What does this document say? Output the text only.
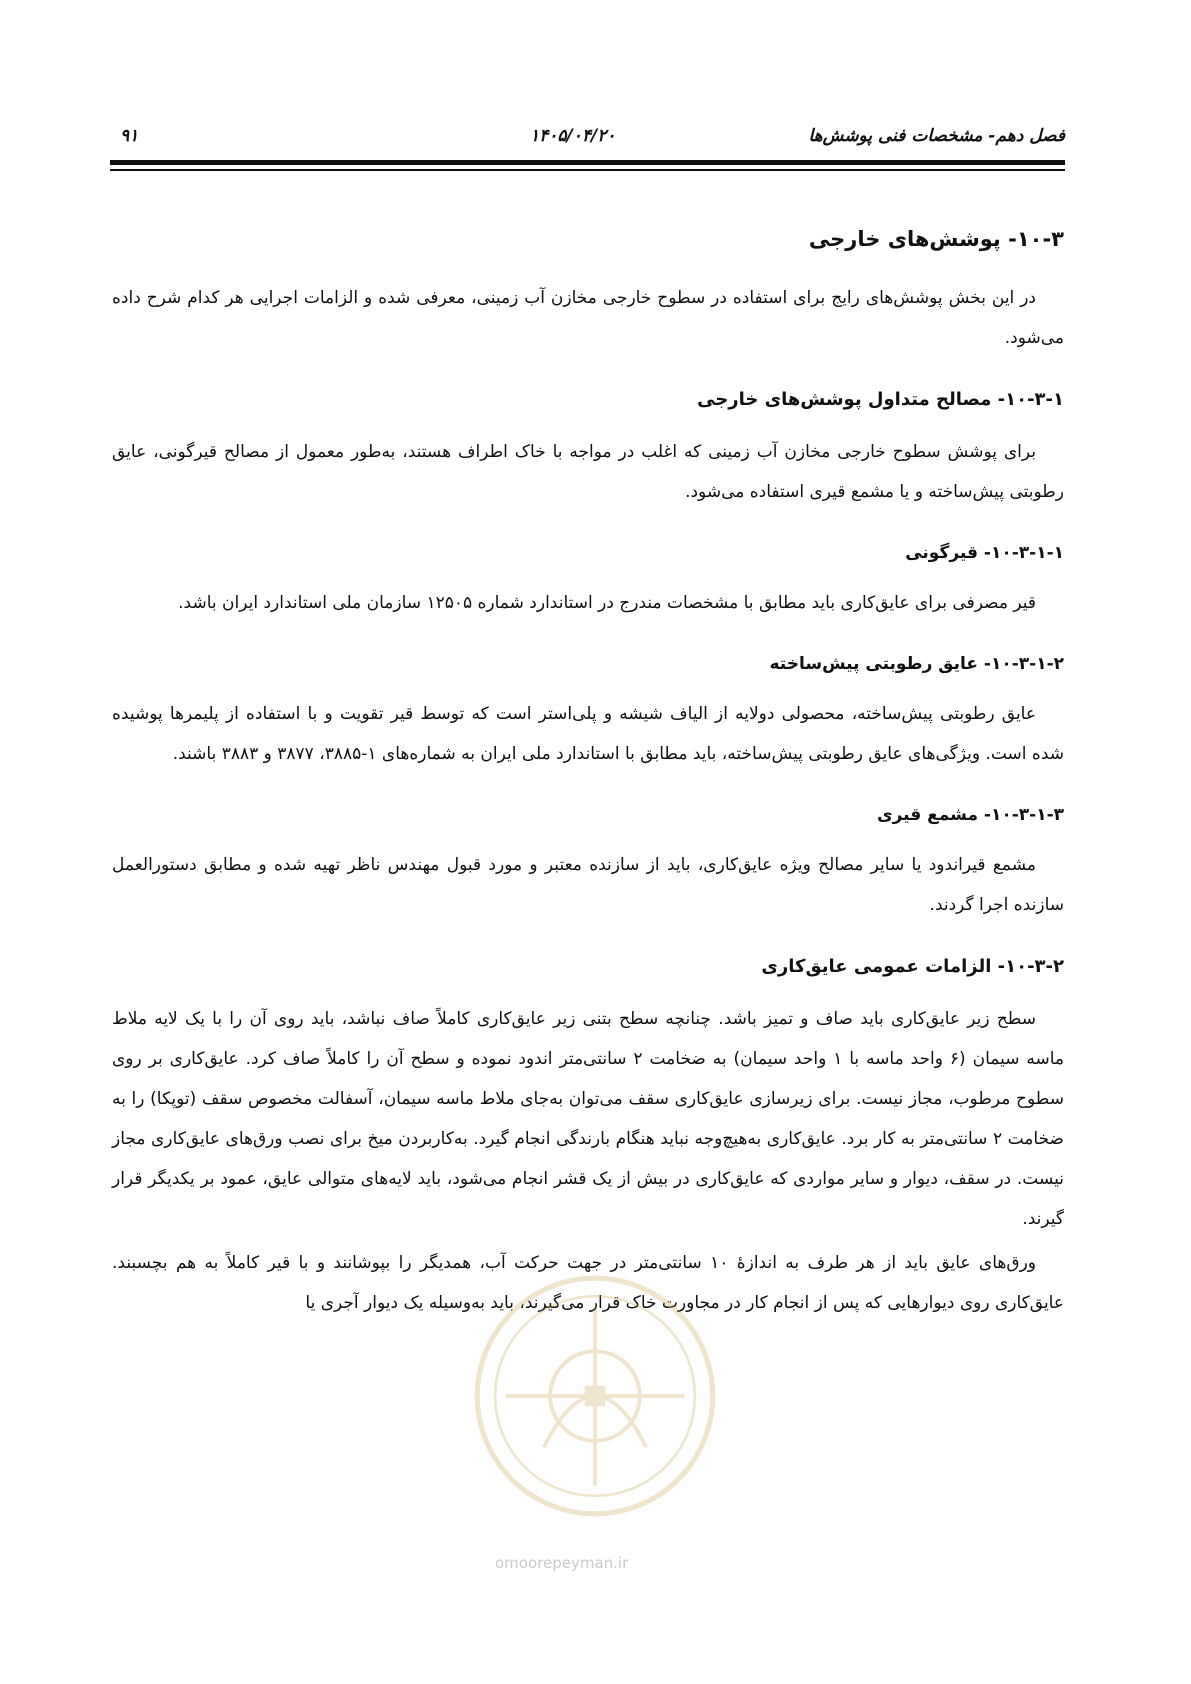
فصل دهم- مشخصات فنی پوشش‌ها
۱۴۰۵/۰۴/۲۰
۹۱
۱۰-۳- پوشش‌های خارجی
در این بخش پوشش‌های رایج برای استفاده در سطوح خارجی مخازن آب زمینی، معرفی شده و الزامات اجرایی هر کدام شرح داده می‌شود.
۱۰-۳-۱- مصالح متداول پوشش‌های خارجی
برای پوشش سطوح خارجی مخازن آب زمینی که اغلب در مواجه با خاک اطراف هستند، به‌طور معمول از مصالح قیرگونی، عایق رطوبتی پیش‌ساخته و یا مشمع قیری استفاده می‌شود.
۱۰-۳-۱-۱- قیرگونی
قیر مصرفی برای عایق‌کاری باید مطابق با مشخصات مندرج در استاندارد شماره ۱۲۵۰۵ سازمان ملی استاندارد ایران باشد.
۱۰-۳-۱-۲- عایق رطوبتی پیش‌ساخته
عایق رطوبتی پیش‌ساخته، محصولی دولایه از الیاف شیشه و پلی‌استر است که توسط قیر تقویت و با استفاده از پلیمرها پوشیده شده است. ویژگی‌های عایق رطوبتی پیش‌ساخته، باید مطابق با استاندارد ملی ایران به شماره‌های ۱-۳۸۸۵، ۳۸۷۷ و ۳۸۸۳ باشند.
۱۰-۳-۱-۳- مشمع قیری
مشمع قیراندود یا سایر مصالح ویژه عایق‌کاری، باید از سازنده معتبر و مورد قبول مهندس ناظر تهیه شده و مطابق دستورالعمل سازنده اجرا گردند.
۱۰-۳-۲- الزامات عمومی عایق‌کاری
سطح زیر عایق‌کاری باید صاف و تمیز باشد. چنانچه سطح بتنی زیر عایق‌کاری کاملاً صاف نباشد، باید روی آن را با یک لایه ملاط ماسه سیمان (۶ واحد ماسه با ۱ واحد سیمان) به ضخامت ۲ سانتی‌متر اندود نموده و سطح آن را کاملاً صاف کرد. عایق‌کاری بر روی سطوح مرطوب، مجاز نیست. برای زیرسازی عایق‌کاری سقف می‌توان به‌جای ملاط ماسه سیمان، آسفالت مخصوص سقف (توپکا) را به ضخامت ۲ سانتی‌متر به کار برد. عایق‌کاری به‌هیچ‌وجه نباید هنگام بارندگی انجام گیرد. به‌کاربردن میخ برای نصب ورق‌های عایق‌کاری مجاز نیست. در سقف، دیوار و سایر مواردی که عایق‌کاری در بیش از یک قشر انجام می‌شود، باید لایه‌های متوالی عایق، عمود بر یکدیگر قرار گیرند.
ورق‌های عایق باید از هر طرف به اندازهٔ ۱۰ سانتی‌متر در جهت حرکت آب، همدیگر را بپوشانند و با قیر کاملاً به هم بچسبند. عایق‌کاری روی دیوارهایی که پس از انجام کار در مجاورت خاک قرار می‌گیرند، باید به‌وسیله یک دیوار آجری یا
omoorepeyman.ir
